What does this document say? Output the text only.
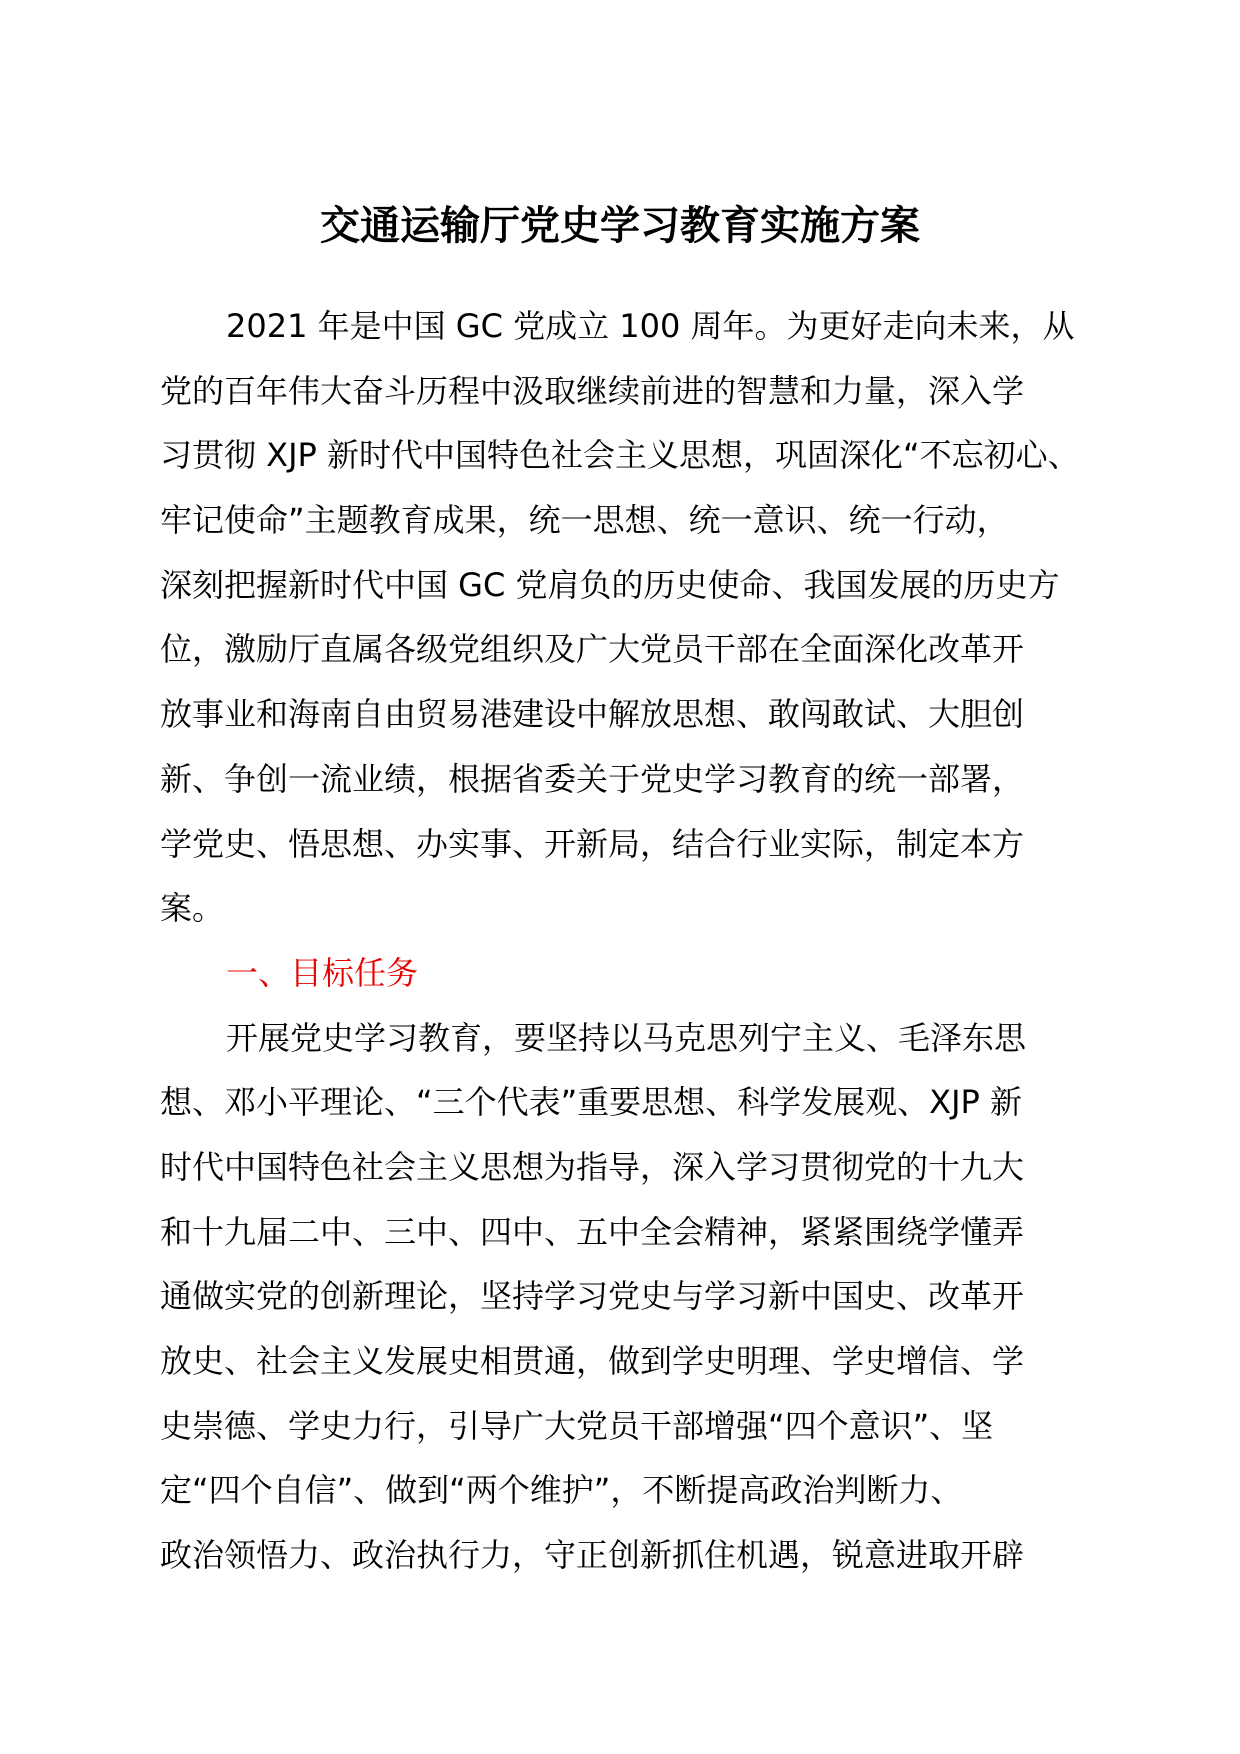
交通运输厅党史学习教育实施方案
2021 年是中国 GC 党成立 100 周年。为更好走向未来，从
党的百年伟大奋斗历程中汲取继续前进的智慧和力量，深入学
习贯彻 XJP 新时代中国特色社会主义思想，巩固深化“不忘初心、
牢记使命”主题教育成果，统一思想、统一意识、统一行动，
深刻把握新时代中国 GC 党肩负的历史使命、我国发展的历史方
位，激励厅直属各级党组织及广大党员干部在全面深化改革开
放事业和海南自由贸易港建设中解放思想、敢闯敢试、大胆创
新、争创一流业绩，根据省委关于党史学习教育的统一部署，
学党史、悟思想、办实事、开新局，结合行业实际，制定本方
案。
一、目标任务
开展党史学习教育，要坚持以马克思列宁主义、毛泽东思
想、邓小平理论、“三个代表”重要思想、科学发展观、XJP 新
时代中国特色社会主义思想为指导，深入学习贯彻党的十九大
和十九届二中、三中、四中、五中全会精神，紧紧围绕学懂弄
通做实党的创新理论，坚持学习党史与学习新中国史、改革开
放史、社会主义发展史相贯通，做到学史明理、学史增信、学
史崇德、学史力行，引导广大党员干部增强“四个意识”、坚
定“四个自信”、做到“两个维护”，不断提高政治判断力、
政治领悟力、政治执行力，守正创新抓住机遇，锐意进取开辟
